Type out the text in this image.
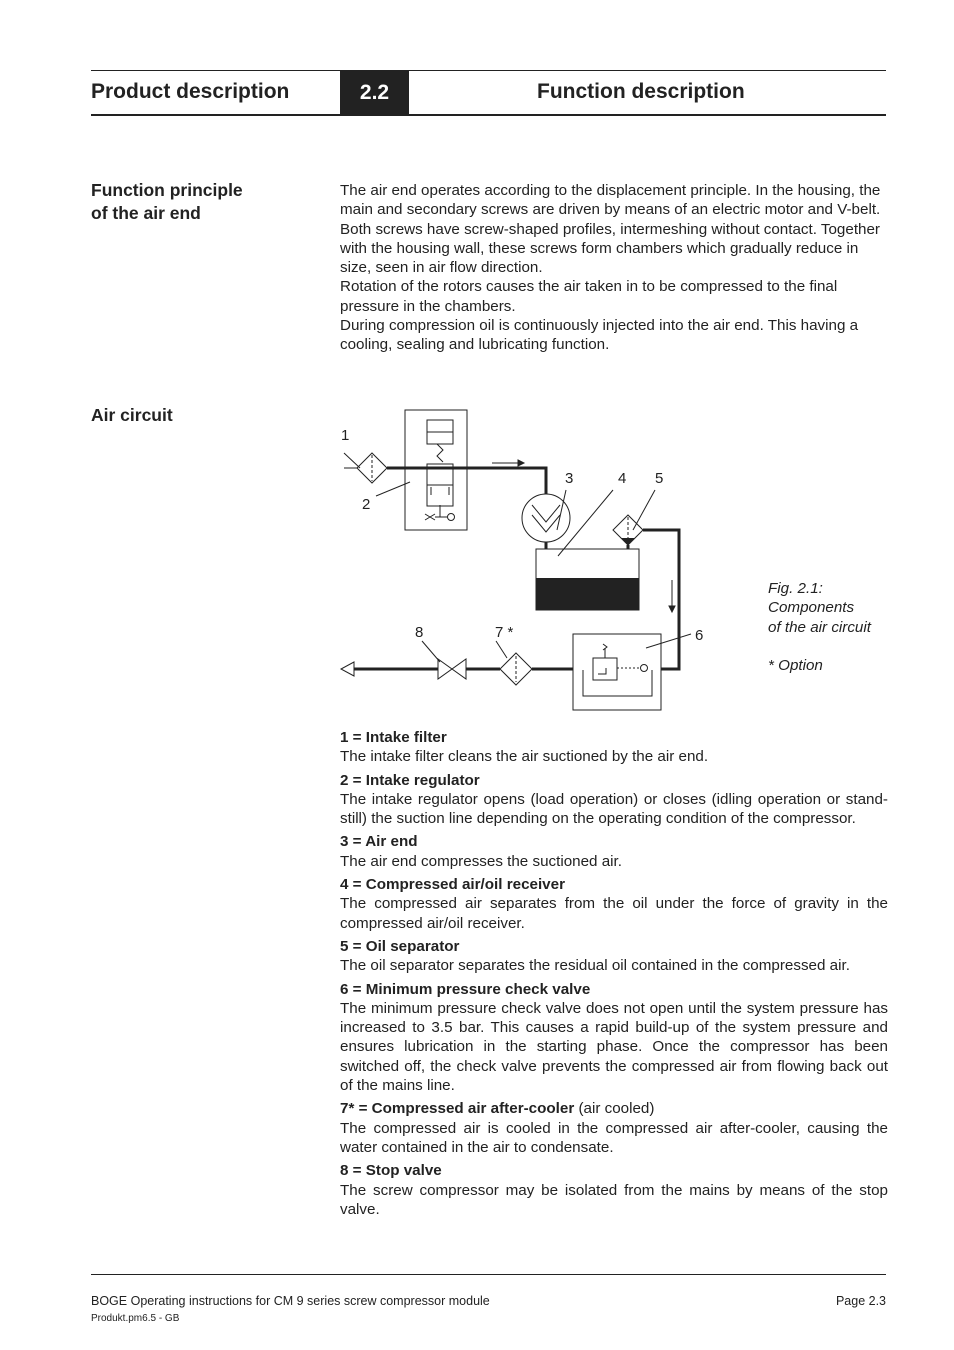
Product description	2.2	Function description
Function principle
of the air end

The air end operates according to the displacement principle. In the housing, the main and secondary screws are driven by means of an electric motor and V-belt.

Both screws have screw-shaped profiles, intermeshing without contact. Together with the housing wall, these screws form chambers which gradually reduce in size, seen in air flow direction.

Rotation of the rotors causes the air taken in to be compressed to the final pressure in the chambers.

During compression oil is continuously injected into the air end. This having a cooling, sealing and lubricating function.

Air circuit
1
2
3	4 5
6
7 *
8
Fig. 2.1:
Components
of the air circuit
* Option
1 = Intake filter
The intake filter cleans the air suctioned by the air end.
2 = Intake regulator
The intake regulator opens (load operation) or closes (idling operation or stand-still) the suction line depending on the operating condition of the compressor.
3 = Air end
The air end compresses the suctioned air.
4 = Compressed air/oil receiver
The compressed air separates from the oil under the force of gravity in the compressed air/oil receiver.
5 = Oil separator
The oil separator separates the residual oil contained in the compressed air.
6 = Minimum pressure check valve
The minimum pressure check valve does not open until the system pressure has increased to 3.5 bar. This causes a rapid build-up of the system pressure and ensures lubrication in the starting phase. Once the compressor has been switched off, the check valve prevents the compressed air from flowing back out of the mains line.
7* = Compressed air after-cooler (air cooled)
The compressed air is cooled in the compressed air after-cooler, causing the water contained in the air to condensate.
8 = Stop valve
The screw compressor may be isolated from the mains by means of the stop valve.
BOGE Operating instructions for CM 9 series screw compressor module
Produkt.pm6.5 - GB
Page 2.3
